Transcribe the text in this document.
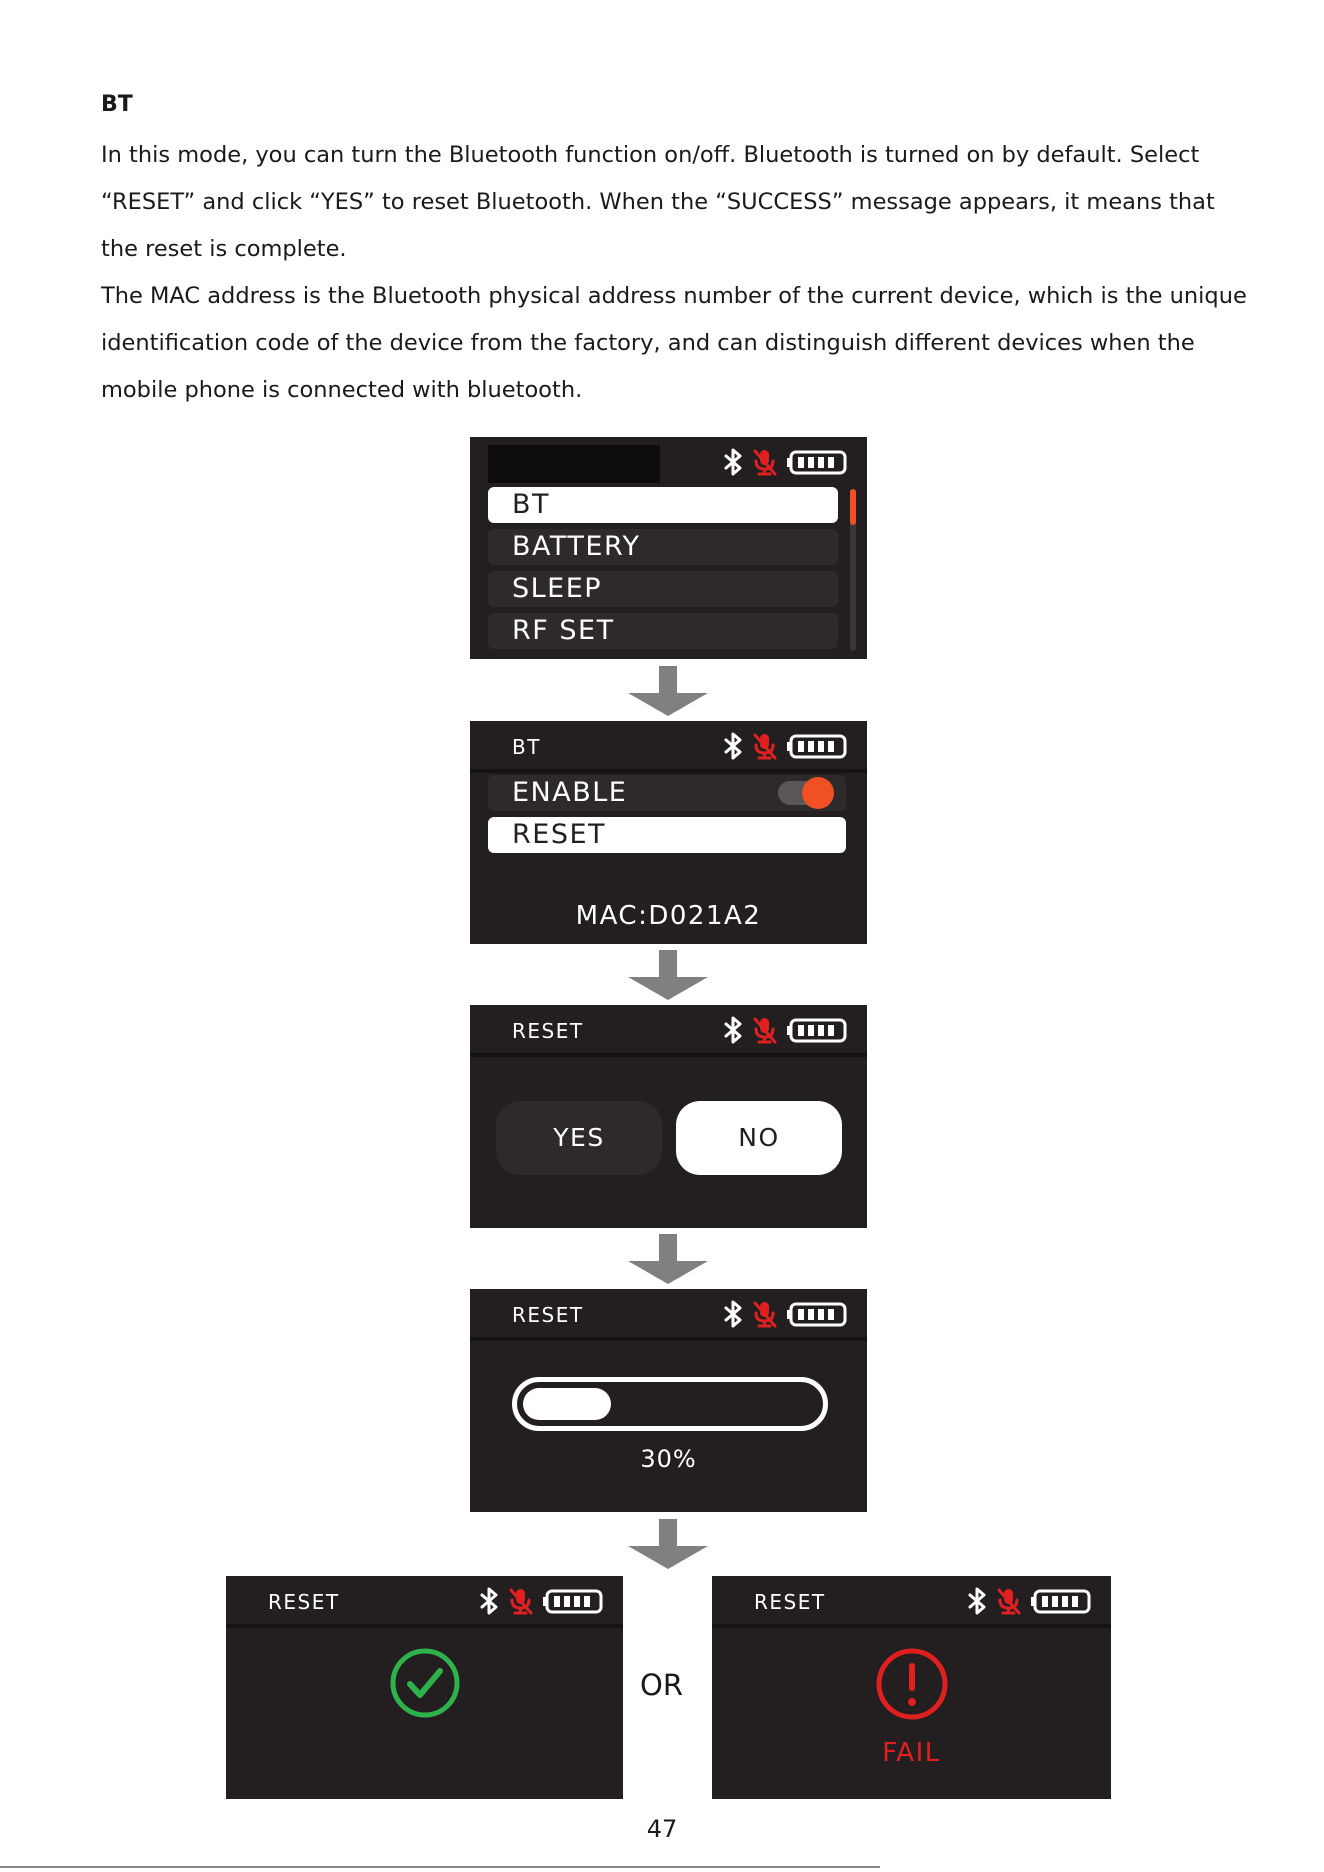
BT

In this mode, you can turn the Bluetooth function on/off. Bluetooth is turned on by default. Select “RESET” and click “YES” to reset Bluetooth. When the “SUCCESS” message appears, it means that the reset is complete.

The MAC address is the Bluetooth physical address number of the current device, which is the unique identification code of the device from the factory, and can distinguish different devices when the mobile phone is connected with bluetooth.

BT
BATTERY
SLEEP
RF SET
BT
ENABLE
RESET
MAC:D021A2
RESET
YES	NO
RESET
30%
RESET
OR
RESET
FAIL
47
